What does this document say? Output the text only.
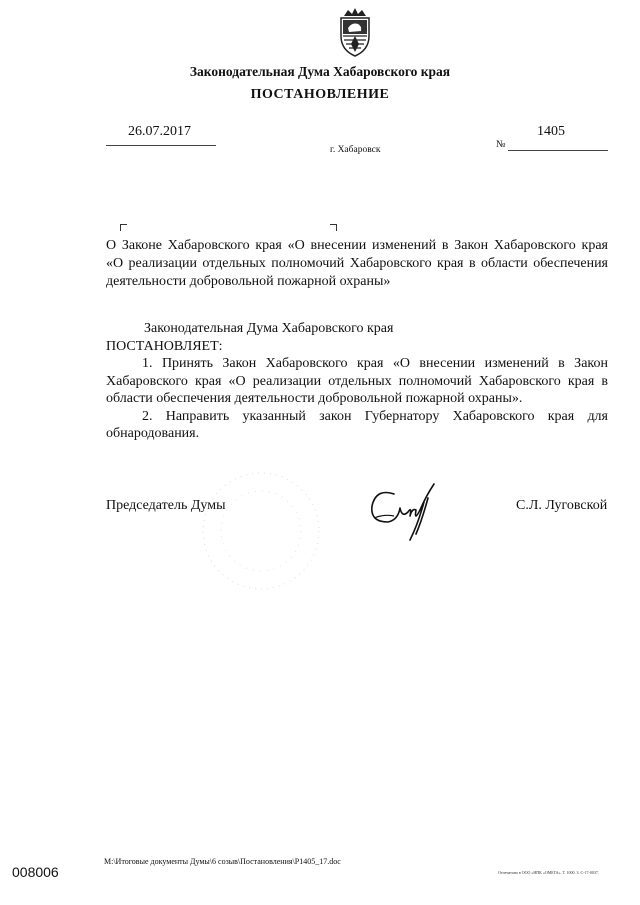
Законодательная Дума Хабаровского края
ПОСТАНОВЛЕНИЕ
26.07.2017
г. Хабаровск	№
1405
О Законе Хабаровского края «О внесении изменений в Закон Хабаровского края
«О реализации отдельных полномочий Хабаровского края в области обеспечения
деятельности добровольной пожарной охраны»
Законодательная Дума Хабаровского края
ПОСТАНОВЛЯЕТ:
1. Принять Закон Хабаровского края «О внесении изменений в Закон Хабаровского края «О реализации отдельных полномочий Хабаровского края в области обеспечения деятельности добровольной пожарной охраны».
2. Направить указанный закон Губернатору Хабаровского края для обнародования.
Председатель Думы	С.Л. Луговской
008006
M:\Итоговые документы Думы\6 созыв\Постановления\P1405_17.doc
Отпечатано в ООО «НПК «ОМЕГА», Т. 1000. З. С-17-0037.
